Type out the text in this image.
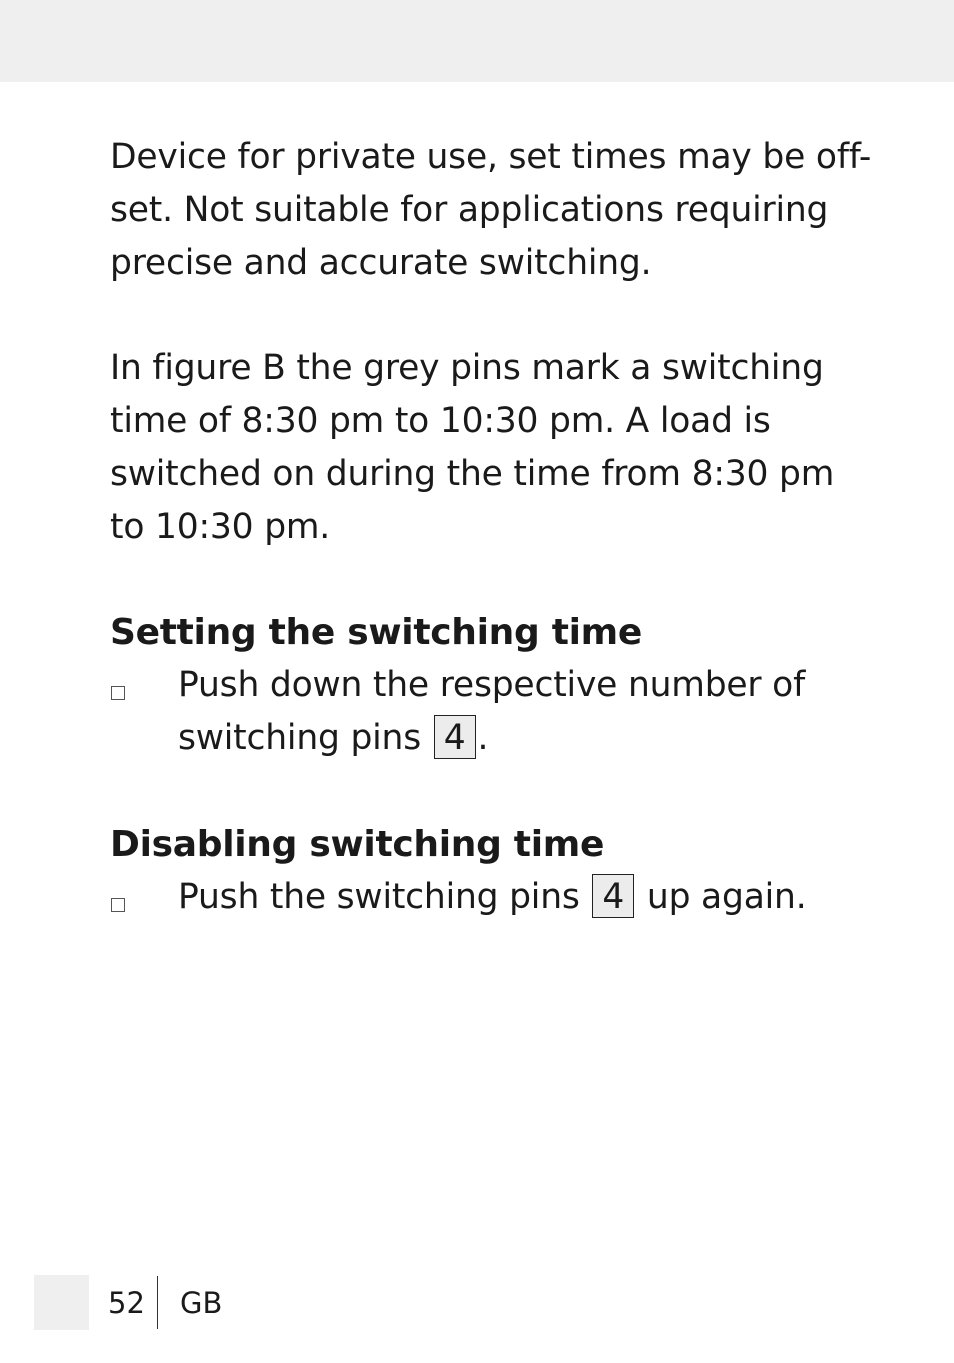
Device for private use, set times may be off-
set. Not suitable for applications requiring
precise and accurate switching.

In figure B the grey pins mark a switching
time of 8:30 pm to 10:30 pm. A load is
switched on during the time from 8:30 pm
to 10:30 pm.

Setting the switching time
Push down the respective number of
switching pins 4 .
Disabling switching time
Push the switching pins 4 up again.
52 GB
